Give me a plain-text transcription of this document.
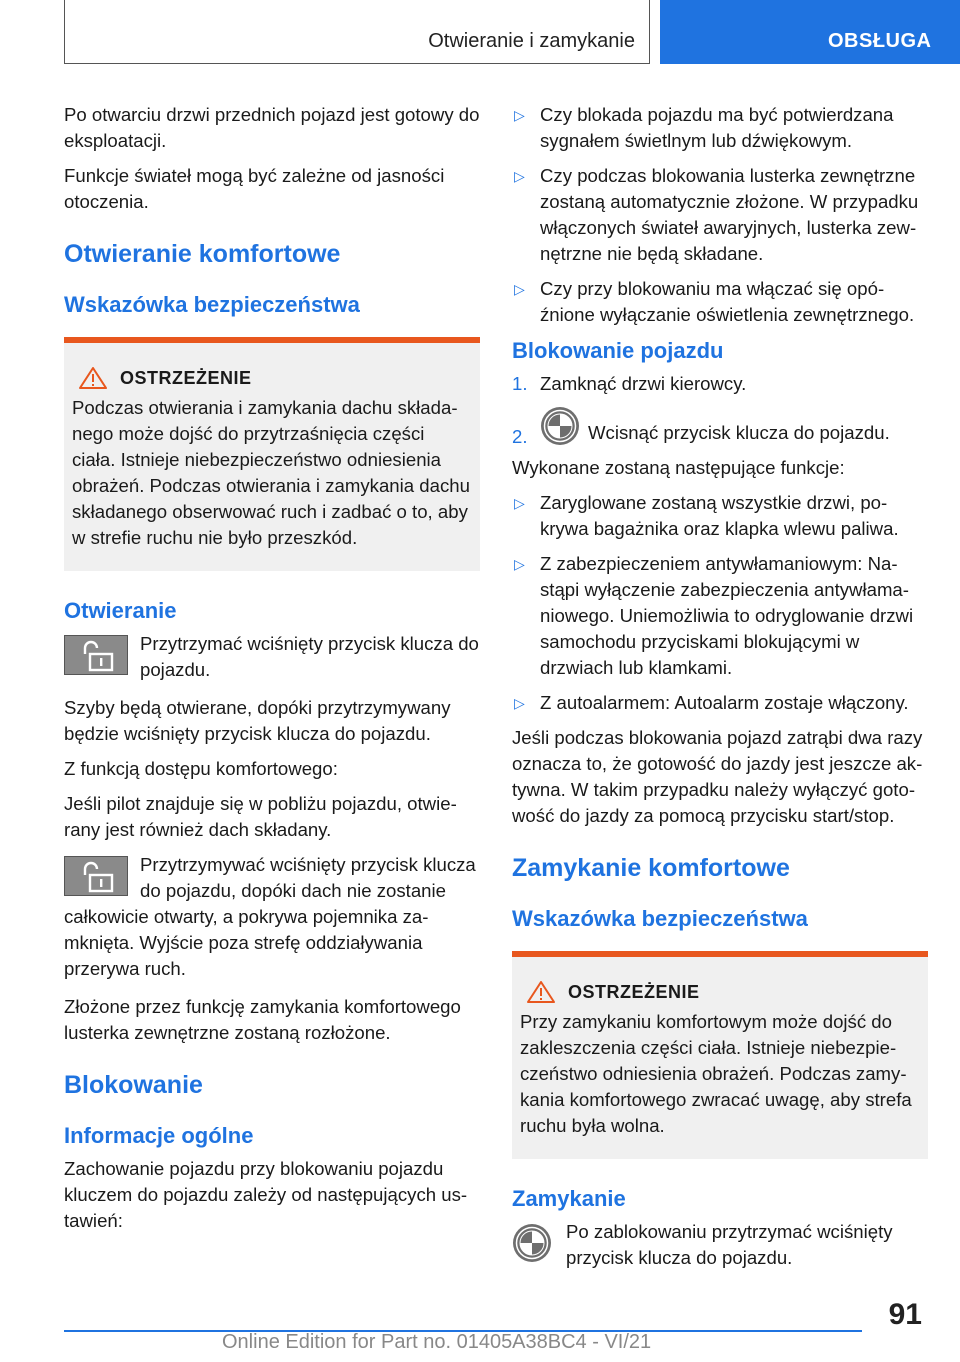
Otwieranie i zamykanie	OBSŁUGA

Po otwarciu drzwi przednich pojazd jest gotowy do eksploatacji.

Funkcje świateł mogą być zależne od jasności otoczenia.

Otwieranie komfortowe
Wskazówka bezpieczeństwa
OSTRZEŻENIE
Podczas otwierania i zamykania dachu składanego może dojść do przytrzaśnięcia części ciała. Istnieje niebezpieczeństwo odniesienia obrażeń. Podczas otwierania i zamykania dachu składanego obserwować ruch i zadbać o to, aby w strefie ruchu nie było przeszkód.
Otwieranie
Przytrzymać wciśnięty przycisk klucza do pojazdu.

Szyby będą otwierane, dopóki przytrzymywany będzie wciśnięty przycisk klucza do pojazdu.

Z funkcją dostępu komfortowego:

Jeśli pilot znajduje się w pobliżu pojazdu, otwierany jest również dach składany.

Przytrzymywać wciśnięty przycisk klucza do pojazdu, dopóki dach nie zostanie całkowicie otwarty, a pokrywa pojemnika zamknięta. Wyjście poza strefę oddziaływania przerywa ruch.

Złożone przez funkcję zamykania komfortowego lusterka zewnętrzne zostaną rozłożone.

Blokowanie
Informacje ogólne

Zachowanie pojazdu przy blokowaniu pojazdu kluczem do pojazdu zależy od następujących ustawień:

▷ Czy blokada pojazdu ma być potwierdzana sygnałem świetlnym lub dźwiękowym.
▷ Czy podczas blokowania lusterka zewnętrzne zostaną automatycznie złożone. W przypadku włączonych świateł awaryjnych, lusterka zewnętrzne nie będą składane.
▷ Czy przy blokowaniu ma włączać się opóźnione wyłączanie oświetlenia zewnętrznego.
Blokowanie pojazdu
1. Zamknąć drzwi kierowcy.
2.	Wcisnąć przycisk klucza do pojazdu.

Wykonane zostaną następujące funkcje:

▷ Zaryglowane zostaną wszystkie drzwi, pokrywa bagażnika oraz klapka wlewu paliwa.
▷ Z zabezpieczeniem antywłamaniowym: Nastąpi wyłączenie zabezpieczenia antywłamaniowego. Uniemożliwia to odryglowanie drzwi samochodu przyciskami blokującymi w drzwiach lub klamkami.
▷ Z autoalarmem: Autoalarm zostaje włączony.

Jeśli podczas blokowania pojazd zatrąbi dwa razy oznacza to, że gotowość do jazdy jest jeszcze aktywna. W takim przypadku należy wyłączyć gotowość do jazdy za pomocą przycisku start/stop.

Zamykanie komfortowe
Wskazówka bezpieczeństwa
OSTRZEŻENIE
Przy zamykaniu komfortowym może dojść do zakleszczenia części ciała. Istnieje niebezpieczeństwo odniesienia obrażeń. Podczas zamykania komfortowego zwracać uwagę, aby strefa ruchu była wolna.
Zamykanie
Po zablokowaniu przytrzymać wciśnięty przycisk klucza do pojazdu.
91
Online Edition for Part no. 01405A38BC4 - VI/21
